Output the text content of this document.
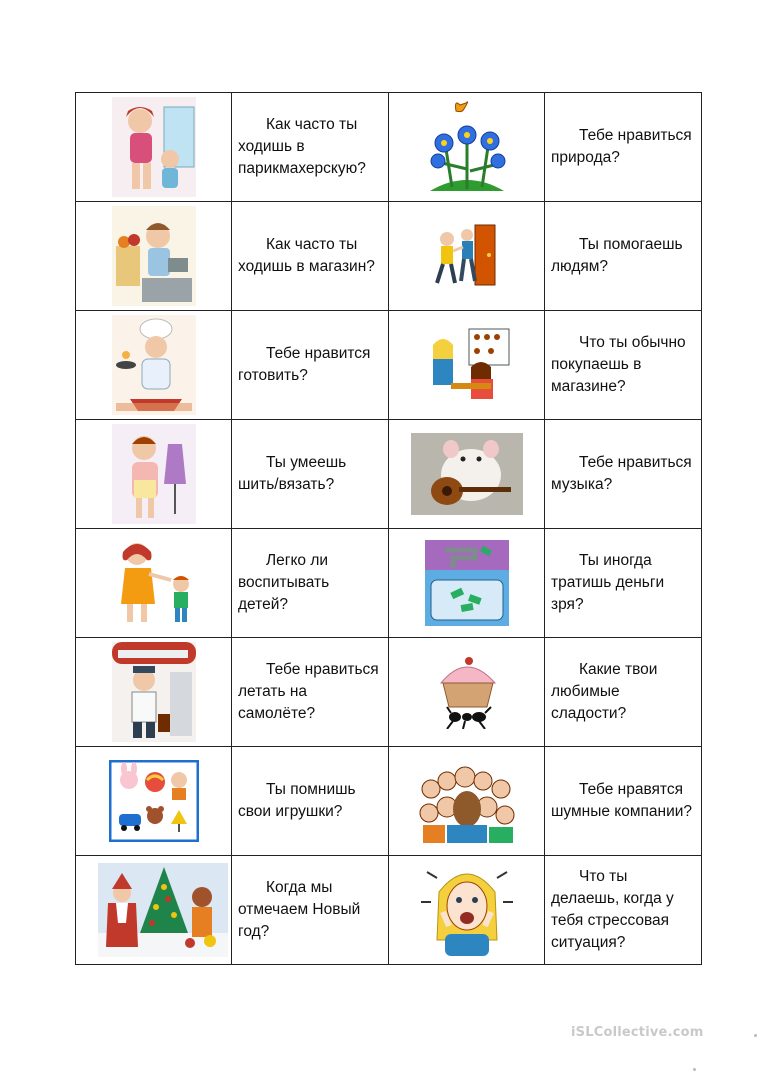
Как часто ты ходишь в парикмахерскую?		Тебе нравиться природа?

Как часто ты ходишь в магазин?		Ты помогаешь людям?

Тебе нравится готовить?		Что ты обычно покупаешь в магазине?

Ты умеешь шить/вязать?		Тебе нравиться музыка?

Легко ли воспитывать детей?		Ты иногда тратишь деньги зря?

Тебе нравиться летать на самолёте?		Какие твои любимые сладости?

Ты помнишь свои игрушки?		Тебе нравятся шумные компании?

Когда мы отмечаем Новый год?		Что ты делаешь, когда у тебя стрессовая ситуация?
iSLCollective.com
